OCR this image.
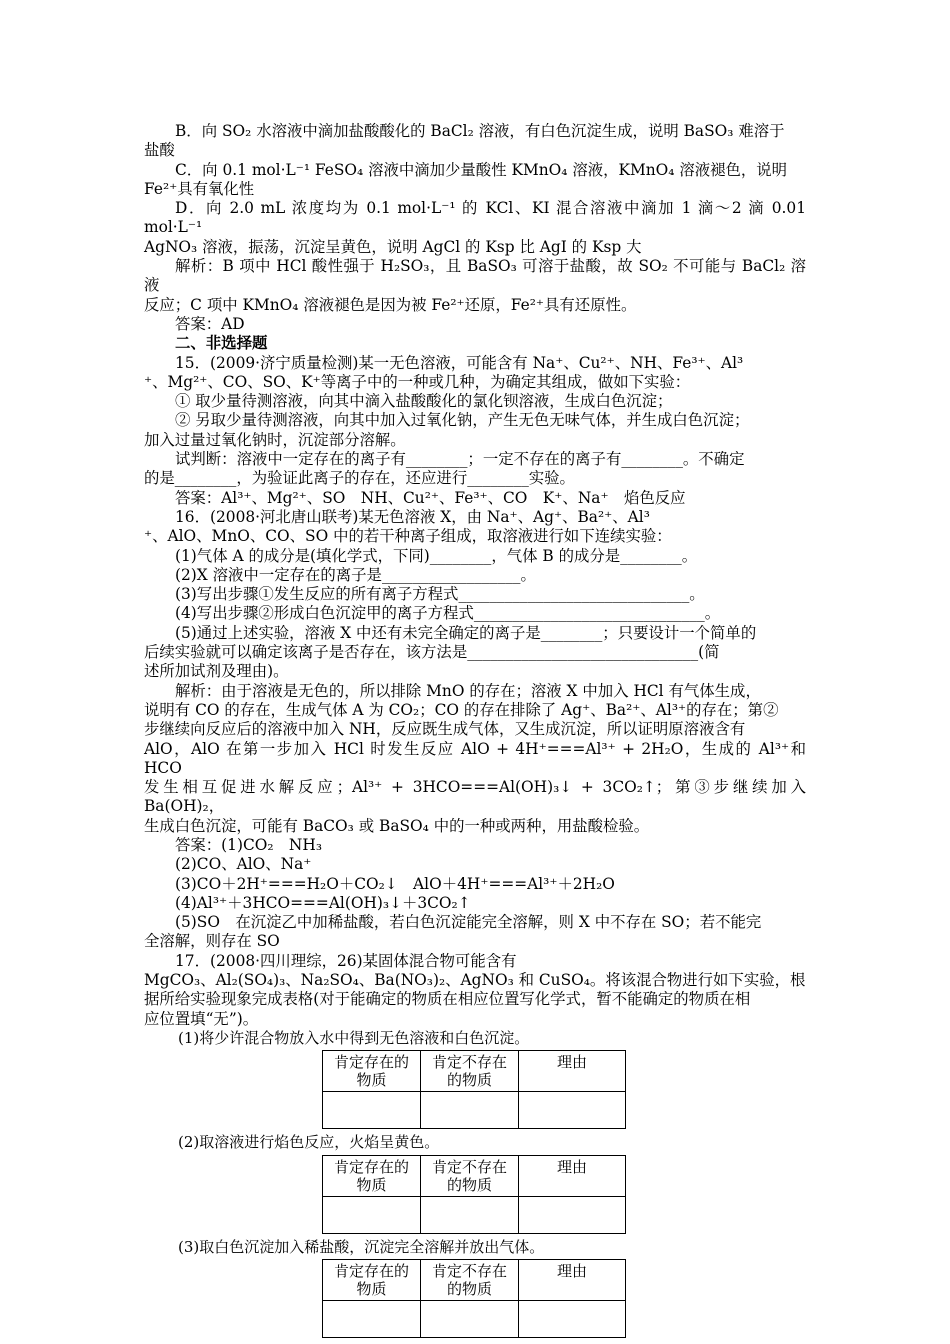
B．向 SO₂ 水溶液中滴加盐酸酸化的 BaCl₂ 溶液，有白色沉淀生成，说明 BaSO₃ 难溶于

盐酸

C．向 0.1 mol·L⁻¹ FeSO₄ 溶液中滴加少量酸性 KMnO₄ 溶液，KMnO₄ 溶液褪色，说明

Fe²⁺具有氧化性

D．向 2.0 mL 浓度均为 0.1 mol·L⁻¹ 的 KCl、KI 混合溶液中滴加 1 滴～2 滴 0.01 mol·L⁻¹

AgNO₃ 溶液，振荡，沉淀呈黄色，说明 AgCl 的 Ksp 比 AgI 的 Ksp 大

解析：B 项中 HCl 酸性强于 H₂SO₃，且 BaSO₃ 可溶于盐酸，故 SO₂ 不可能与 BaCl₂ 溶液

反应；C 项中 KMnO₄ 溶液褪色是因为被 Fe²⁺还原，Fe²⁺具有还原性。

答案：AD

二、非选择题

15．(2009·济宁质量检测)某一无色溶液，可能含有 Na⁺、Cu²⁺、NH、Fe³⁺、Al³

⁺、Mg²⁺、CO、SO、K⁺等离子中的一种或几种，为确定其组成，做如下实验：

① 取少量待测溶液，向其中滴入盐酸酸化的氯化钡溶液，生成白色沉淀；

② 另取少量待测溶液，向其中加入过氧化钠，产生无色无味气体，并生成白色沉淀；

加入过量过氧化钠时，沉淀部分溶解。

试判断：溶液中一定存在的离子有________；一定不存在的离子有________。不确定

的是________，为验证此离子的存在，还应进行________实验。

答案：Al³⁺、Mg²⁺、SO　NH、Cu²⁺、Fe³⁺、CO　K⁺、Na⁺　焰色反应

16．(2008·河北唐山联考)某无色溶液 X，由 Na⁺、Ag⁺、Ba²⁺、Al³

⁺、AlO、MnO、CO、SO 中的若干种离子组成，取溶液进行如下连续实验：

(1)气体 A 的成分是(填化学式，下同)________，气体 B 的成分是________。

(2)X 溶液中一定存在的离子是__________________。

(3)写出步骤①发生反应的所有离子方程式______________________________。

(4)写出步骤②形成白色沉淀甲的离子方程式______________________________。

(5)通过上述实验，溶液 X 中还有未完全确定的离子是________；只要设计一个简单的

后续实验就可以确定该离子是否存在，该方法是______________________________(简

述所加试剂及理由)。

解析：由于溶液是无色的，所以排除 MnO 的存在；溶液 X 中加入 HCl 有气体生成，

说明有 CO 的存在，生成气体 A 为 CO₂；CO 的存在排除了 Ag⁺、Ba²⁺、Al³⁺的存在；第②

步继续向反应后的溶液中加入 NH，反应既生成气体，又生成沉淀，所以证明原溶液含有

AlO，AlO 在第一步加入 HCl 时发生反应 AlO + 4H⁺===Al³⁺ + 2H₂O，生成的 Al³⁺和 HCO

发生相互促进水解反应；Al³⁺ + 3HCO===Al(OH)₃↓ + 3CO₂↑；第③步继续加入 Ba(OH)₂，

生成白色沉淀，可能有 BaCO₃ 或 BaSO₄ 中的一种或两种，用盐酸检验。

答案：(1)CO₂　NH₃

(2)CO、AlO、Na⁺

(3)CO＋2H⁺===H₂O＋CO₂↓　AlO＋4H⁺===Al³⁺＋2H₂O

(4)Al³⁺＋3HCO===Al(OH)₃↓＋3CO₂↑

(5)SO　在沉淀乙中加稀盐酸，若白色沉淀能完全溶解，则 X 中不存在 SO；若不能完

全溶解，则存在 SO

17．(2008·四川理综，26)某固体混合物可能含有

MgCO₃、Al₂(SO₄)₃、Na₂SO₄、Ba(NO₃)₂、AgNO₃ 和 CuSO₄。将该混合物进行如下实验，根

据所给实验现象完成表格(对于能确定的物质在相应位置写化学式，暂不能确定的物质在相

应位置填“无”)。

(1)将少许混合物放入水中得到无色溶液和白色沉淀。

肯定存在的物质	肯定不存在的物质	理由

(2)取溶液进行焰色反应，火焰呈黄色。

肯定存在的物质	肯定不存在的物质	理由

(3)取白色沉淀加入稀盐酸，沉淀完全溶解并放出气体。

肯定存在的物质	肯定不存在的物质	理由
